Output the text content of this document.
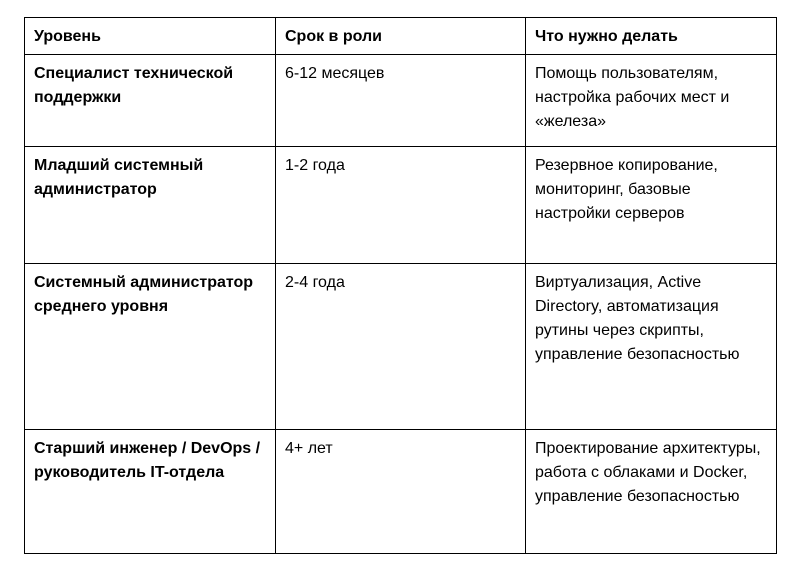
Уровень	Срок в роли	Что нужно делать
Специалист технической поддержки	6-12 месяцев	Помощь пользователям, настройка рабочих мест и «железа»
Младший системный администратор	1-2 года	Резервное копирование, мониторинг, базовые настройки серверов
Системный администратор среднего уровня	2-4 года	Виртуализация, Active Directory, автоматизация рутины через скрипты, управление безопасностью
Старший инженер / DevOps / руководитель IT-отдела	4+ лет	Проектирование архитектуры, работа с облаками и Docker, управление безопасностью
